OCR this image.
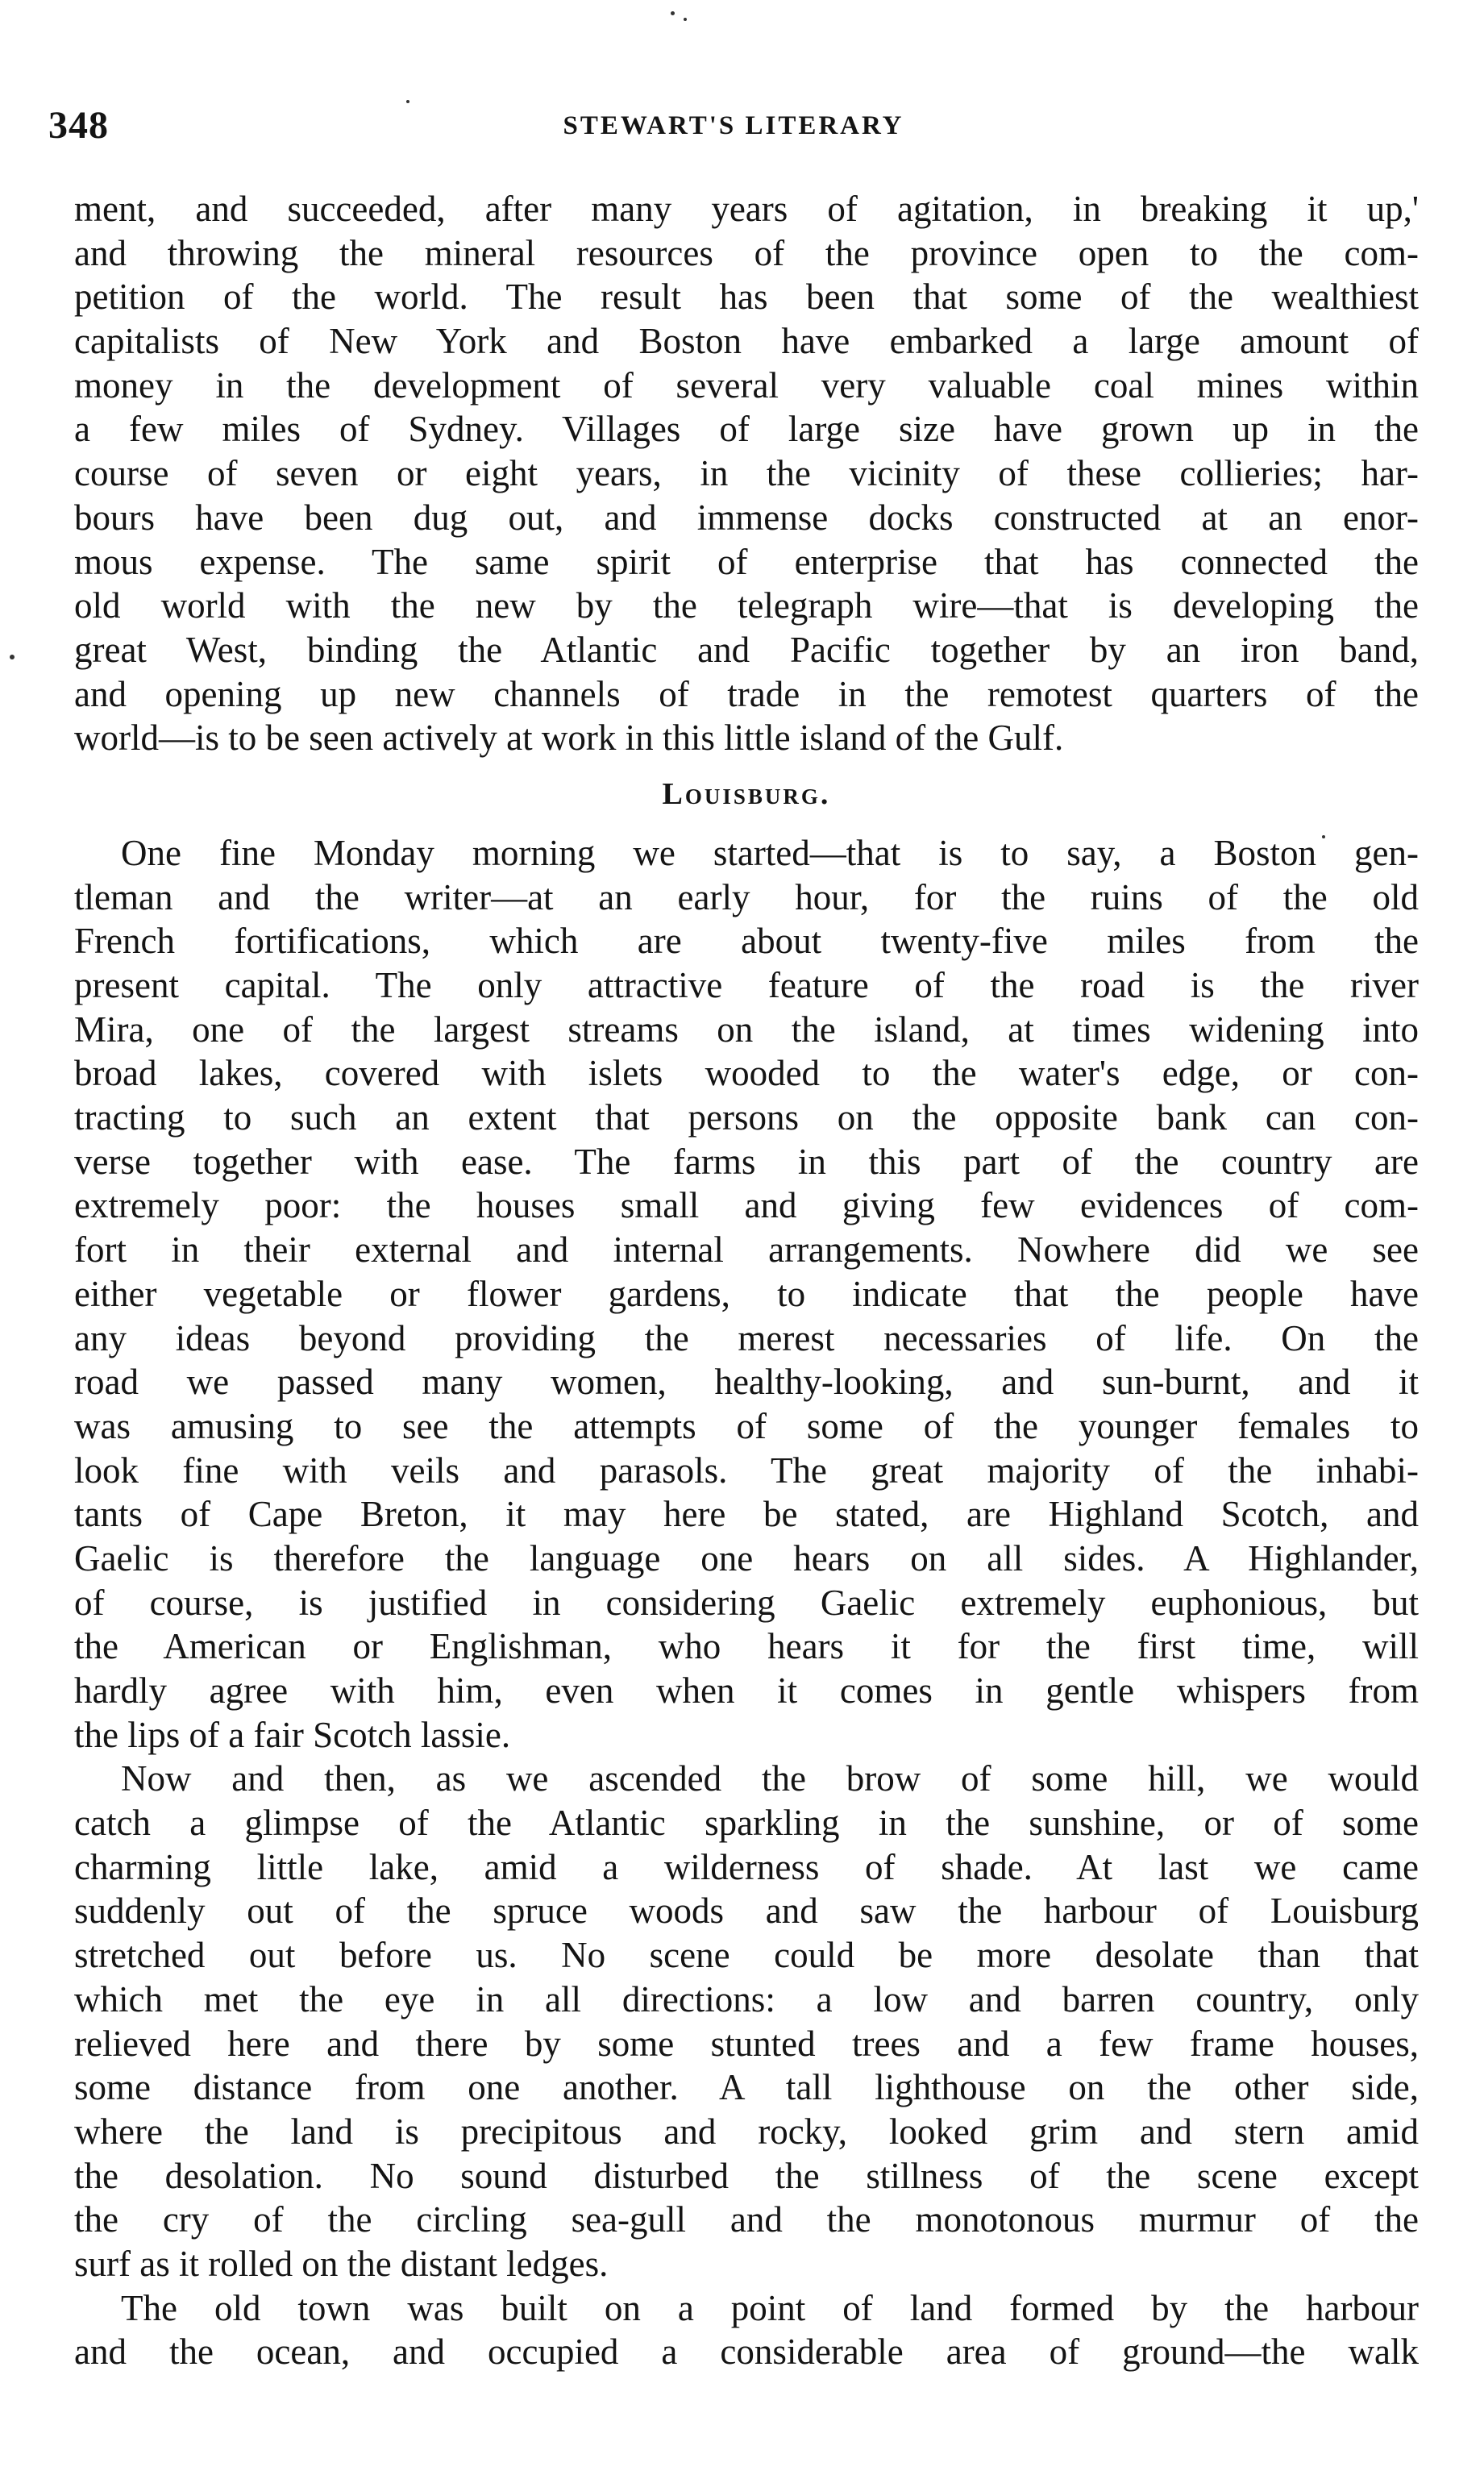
348	STEWART'S LITERARY
ment, and succeeded, after many years of agitation, in breaking it up,'
and throwing the mineral resources of the province open to the com-
petition of the world. The result has been that some of the wealthiest
capitalists of New York and Boston have embarked a large amount of
money in the development of several very valuable coal mines within
a few miles of Sydney. Villages of large size have grown up in the
course of seven or eight years, in the vicinity of these collieries; har-
bours have been dug out, and immense docks constructed at an enor-
mous expense. The same spirit of enterprise that has connected the
old world with the new by the telegraph wire—that is developing the
great West, binding the Atlantic and Pacific together by an iron band,
and opening up new channels of trade in the remotest quarters of the
world—is to be seen actively at work in this little island of the Gulf.
Louisburg.
One fine Monday morning we started—that is to say, a Boston gen-
tleman and the writer—at an early hour, for the ruins of the old
French fortifications, which are about twenty-five miles from the
present capital. The only attractive feature of the road is the river
Mira, one of the largest streams on the island, at times widening into
broad lakes, covered with islets wooded to the water's edge, or con-
tracting to such an extent that persons on the opposite bank can con-
verse together with ease. The farms in this part of the country are
extremely poor: the houses small and giving few evidences of com-
fort in their external and internal arrangements. Nowhere did we see
either vegetable or flower gardens, to indicate that the people have
any ideas beyond providing the merest necessaries of life. On the
road we passed many women, healthy-looking, and sun-burnt, and it
was amusing to see the attempts of some of the younger females to
look fine with veils and parasols. The great majority of the inhabi-
tants of Cape Breton, it may here be stated, are Highland Scotch, and
Gaelic is therefore the language one hears on all sides. A Highlander,
of course, is justified in considering Gaelic extremely euphonious, but
the American or Englishman, who hears it for the first time, will
hardly agree with him, even when it comes in gentle whispers from
the lips of a fair Scotch lassie.
Now and then, as we ascended the brow of some hill, we would
catch a glimpse of the Atlantic sparkling in the sunshine, or of some
charming little lake, amid a wilderness of shade. At last we came
suddenly out of the spruce woods and saw the harbour of Louisburg
stretched out before us. No scene could be more desolate than that
which met the eye in all directions: a low and barren country, only
relieved here and there by some stunted trees and a few frame houses,
some distance from one another. A tall lighthouse on the other side,
where the land is precipitous and rocky, looked grim and stern amid
the desolation. No sound disturbed the stillness of the scene except
the cry of the circling sea-gull and the monotonous murmur of the
surf as it rolled on the distant ledges.
The old town was built on a point of land formed by the harbour
and the ocean, and occupied a considerable area of ground—the walk
